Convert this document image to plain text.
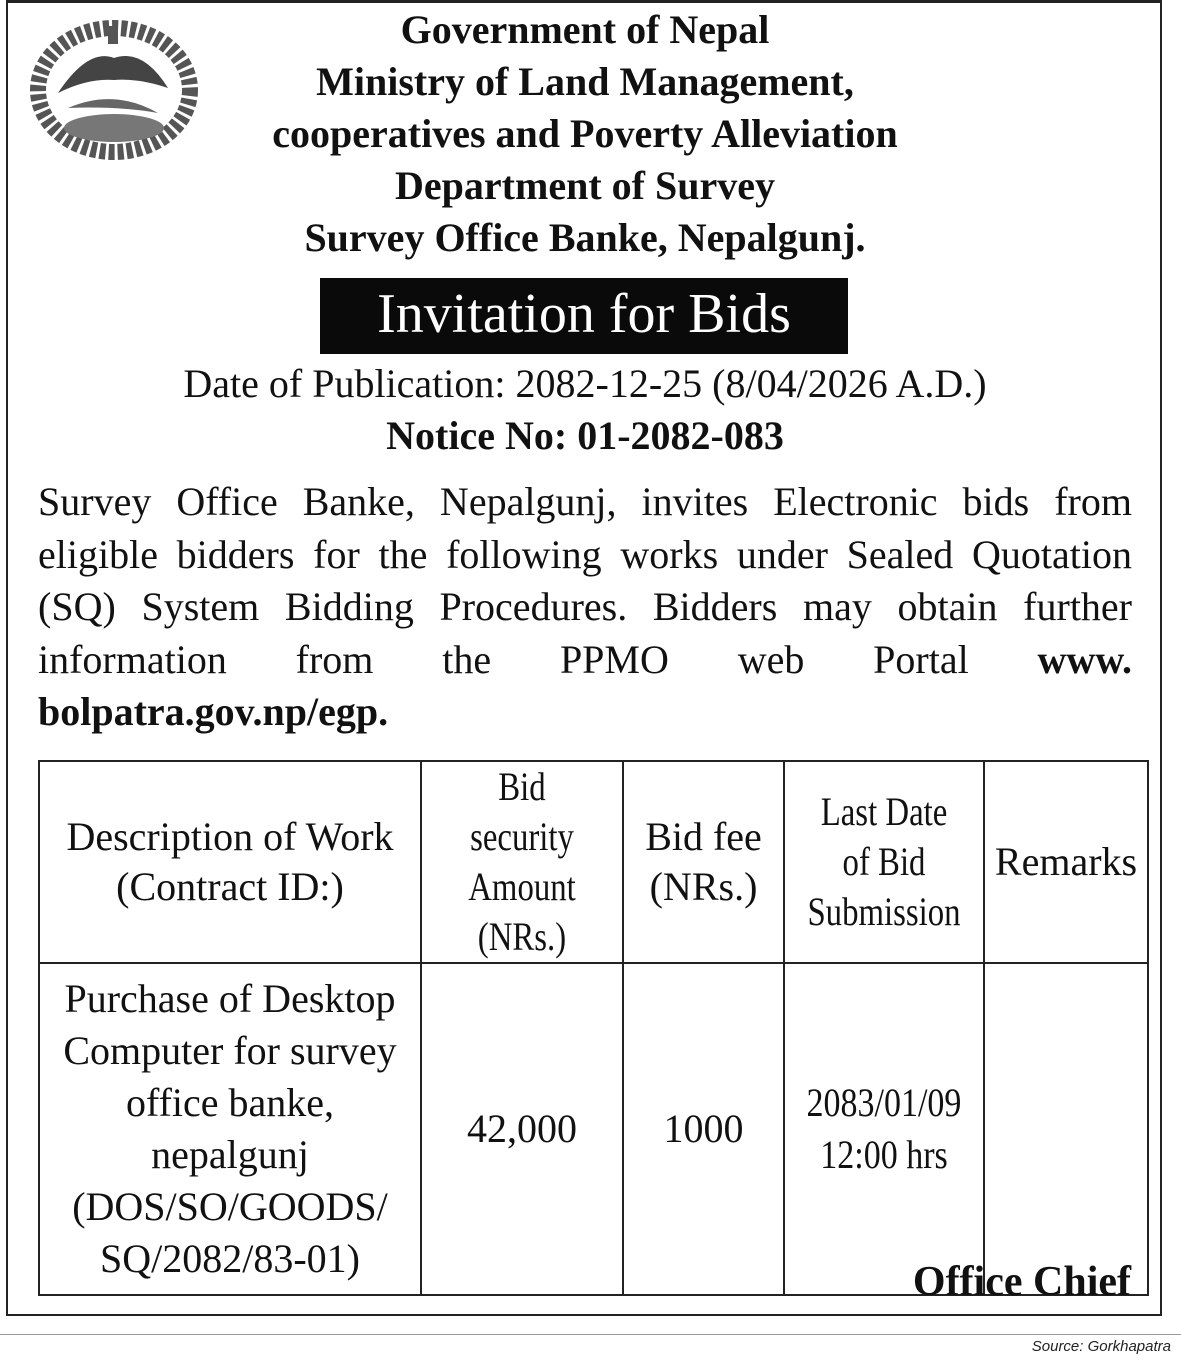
Government of Nepal
Ministry of Land Management,
cooperatives and Poverty Alleviation
Department of Survey
Survey Office Banke, Nepalgunj.
Invitation for Bids
Date of Publication: 2082-12-25 (8/04/2026 A.D.)
Notice No: 01-2082-083
Survey Office Banke, Nepalgunj, invites Electronic bids from eligible bidders for the following works under Sealed Quotation (SQ) System Bidding Procedures. Bidders may obtain further information from the PPMO web Portal www. bolpatra.gov.np/egp.
Description of Work (Contract ID:)	Bid security Amount (NRs.)	Bid fee (NRs.)	Last Date of Bid Submission	Remarks
Purchase of Desktop Computer for survey office banke, nepalgunj (DOS/SO/GOODS/ SQ/2082/83-01)	42,000	1000	2083/01/09 12:00 hrs	

Office Chief
Source: Gorkhapatra
